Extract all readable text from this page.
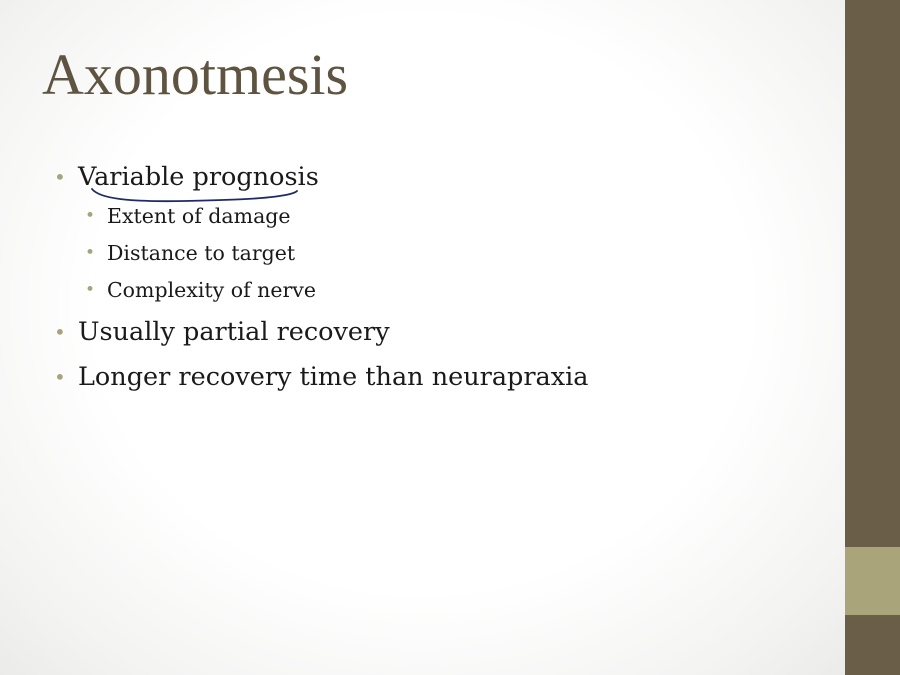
Axonotmesis
• Variable prognosis
• Extent of damage
• Distance to target
• Complexity of nerve
• Usually partial recovery
• Longer recovery time than neurapraxia
